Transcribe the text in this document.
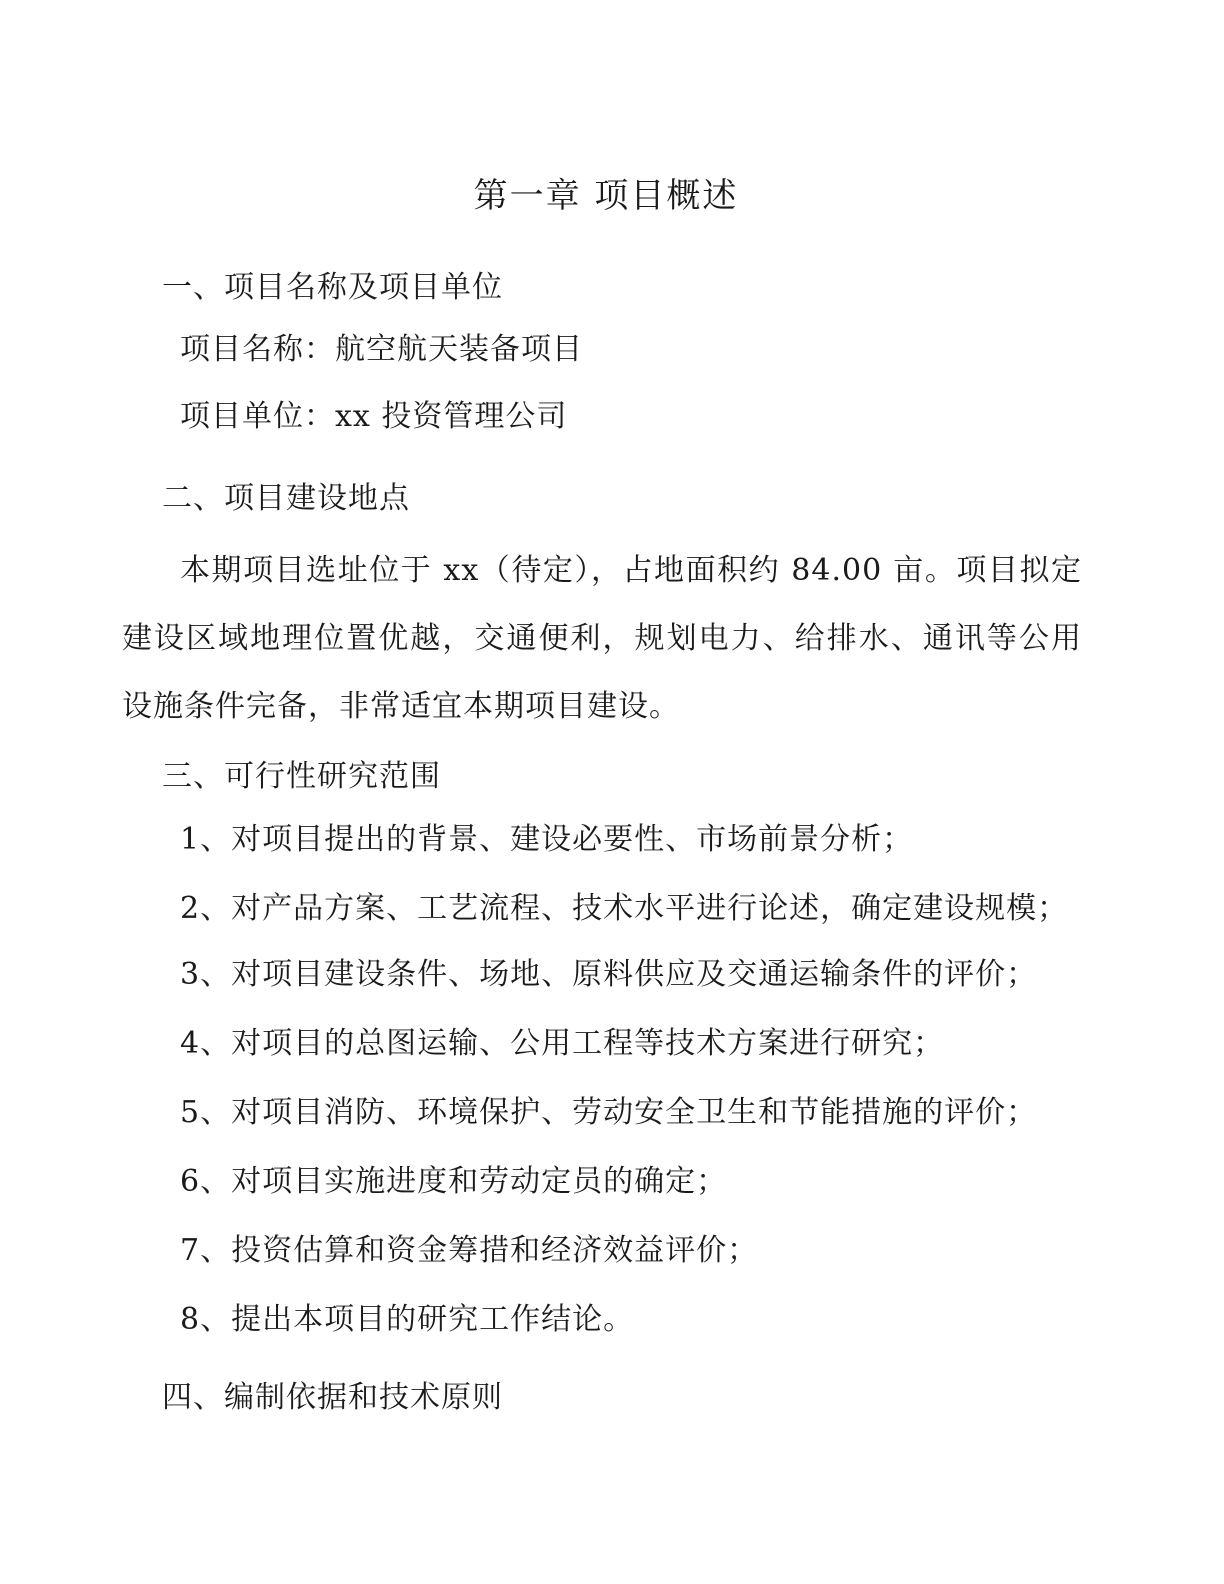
第一章 项目概述
一、项目名称及项目单位
项目名称：航空航天装备项目
项目单位：xx 投资管理公司
二、项目建设地点
本期项目选址位于 xx（待定），占地面积约 84.00 亩。项目拟定建设区域地理位置优越，交通便利，规划电力、给排水、通讯等公用设施条件完备，非常适宜本期项目建设。
三、可行性研究范围
1、对项目提出的背景、建设必要性、市场前景分析；
2、对产品方案、工艺流程、技术水平进行论述，确定建设规模；
3、对项目建设条件、场地、原料供应及交通运输条件的评价；
4、对项目的总图运输、公用工程等技术方案进行研究；
5、对项目消防、环境保护、劳动安全卫生和节能措施的评价；
6、对项目实施进度和劳动定员的确定；
7、投资估算和资金筹措和经济效益评价；
8、提出本项目的研究工作结论。
四、编制依据和技术原则
